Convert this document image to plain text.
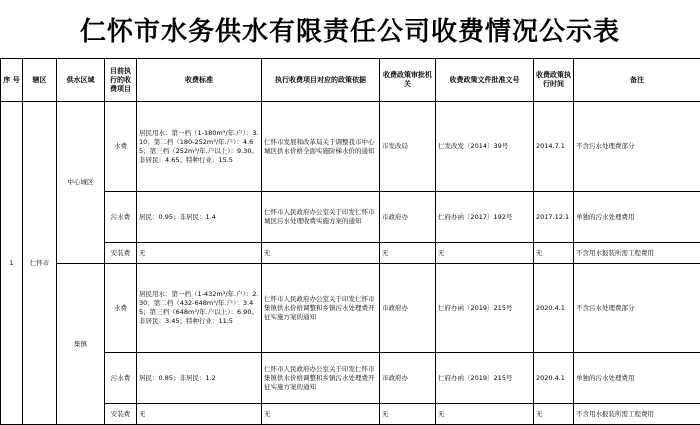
仁怀市水务供水有限责任公司收费情况公示表
序 号	辖区	供水区域	目前执行的收费项目	收费标准	执行收费项目对应的政策依据	收费政策审批机关	收费政策文件批准文号	收费政策执行时间	备注
1	仁怀市	中心城区	水费	居民用水：第一档（1-180m³/年.户）：3.10；第二档（180-252m³/年.户）：4.65；第三档（252m³/年.户以上）：9.30。非居民：4.65；特种行业：15.5	仁怀市发展和改革局关于调整我市中心城区供水价格全面实施阶梯水价的通知	市发改局	仁发改发〔2014〕39号	2014.7.1	不含污水处理费部分
			污水费	居民：0.95；非居民：1.4	仁怀市人民政府办公室关于印发仁怀市城区污水处理收费实施方案的通知	市政府办	仁府办函〔2017〕192号	2017.12.1	单独的污水处理费用
			安装费	无	无	无	无	无	不含用水报装所需工程费用
		集镇	水费	居民用水：第一档（1-432m³/年.户）：2.30；第二档（432-648m³/年.户）：3.45；第三档（648m³/年.户以上）：6.90。非居民：3.45；特种行业：11.5	仁怀市人民政府办公室关于印发仁怀市集镇供水价格调整和乡镇污水处理费开征实施方案的通知	市政府办	仁府办函〔2019〕215号	2020.4.1	不含污水处理费部分
			污水费	居民：0.85；非居民：1.2	仁怀市人民政府办公室关于印发仁怀市集镇供水价格调整和乡镇污水处理费开征实施方案的通知	市政府办	仁府办函〔2019〕215号	2020.4.1	单独的污水处理费用
			安装费	无	无	无	无	无	不含用水报装所需工程费用
